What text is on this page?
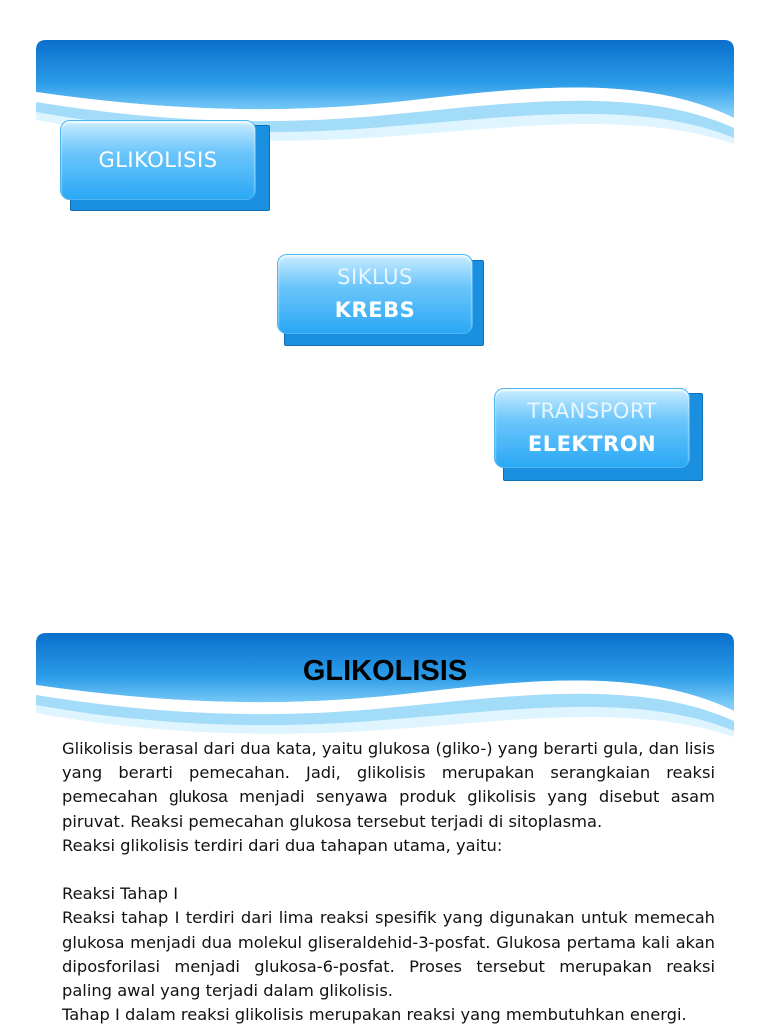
GLIKOLISIS
SIKLUS
KREBS
TRANSPORT
ELEKTRON
GLIKOLISIS

Glikolisis berasal dari dua kata, yaitu glukosa (gliko-) yang berarti gula, dan lisis yang berarti pemecahan. Jadi, glikolisis merupakan serangkaian reaksi pemecahan glukosa menjadi senyawa produk glikolisis yang disebut asam piruvat. Reaksi pemecahan glukosa tersebut terjadi di sitoplasma.

Reaksi glikolisis terdiri dari dua tahapan utama, yaitu:

Reaksi Tahap I

Reaksi tahap I terdiri dari lima reaksi spesifik yang digunakan untuk memecah glukosa menjadi dua molekul gliseraldehid-3-posfat. Glukosa pertama kali akan diposforilasi menjadi glukosa-6-posfat. Proses tersebut merupakan reaksi paling awal yang terjadi dalam glikolisis.

Tahap I dalam reaksi glikolisis merupakan reaksi yang membutuhkan energi.
